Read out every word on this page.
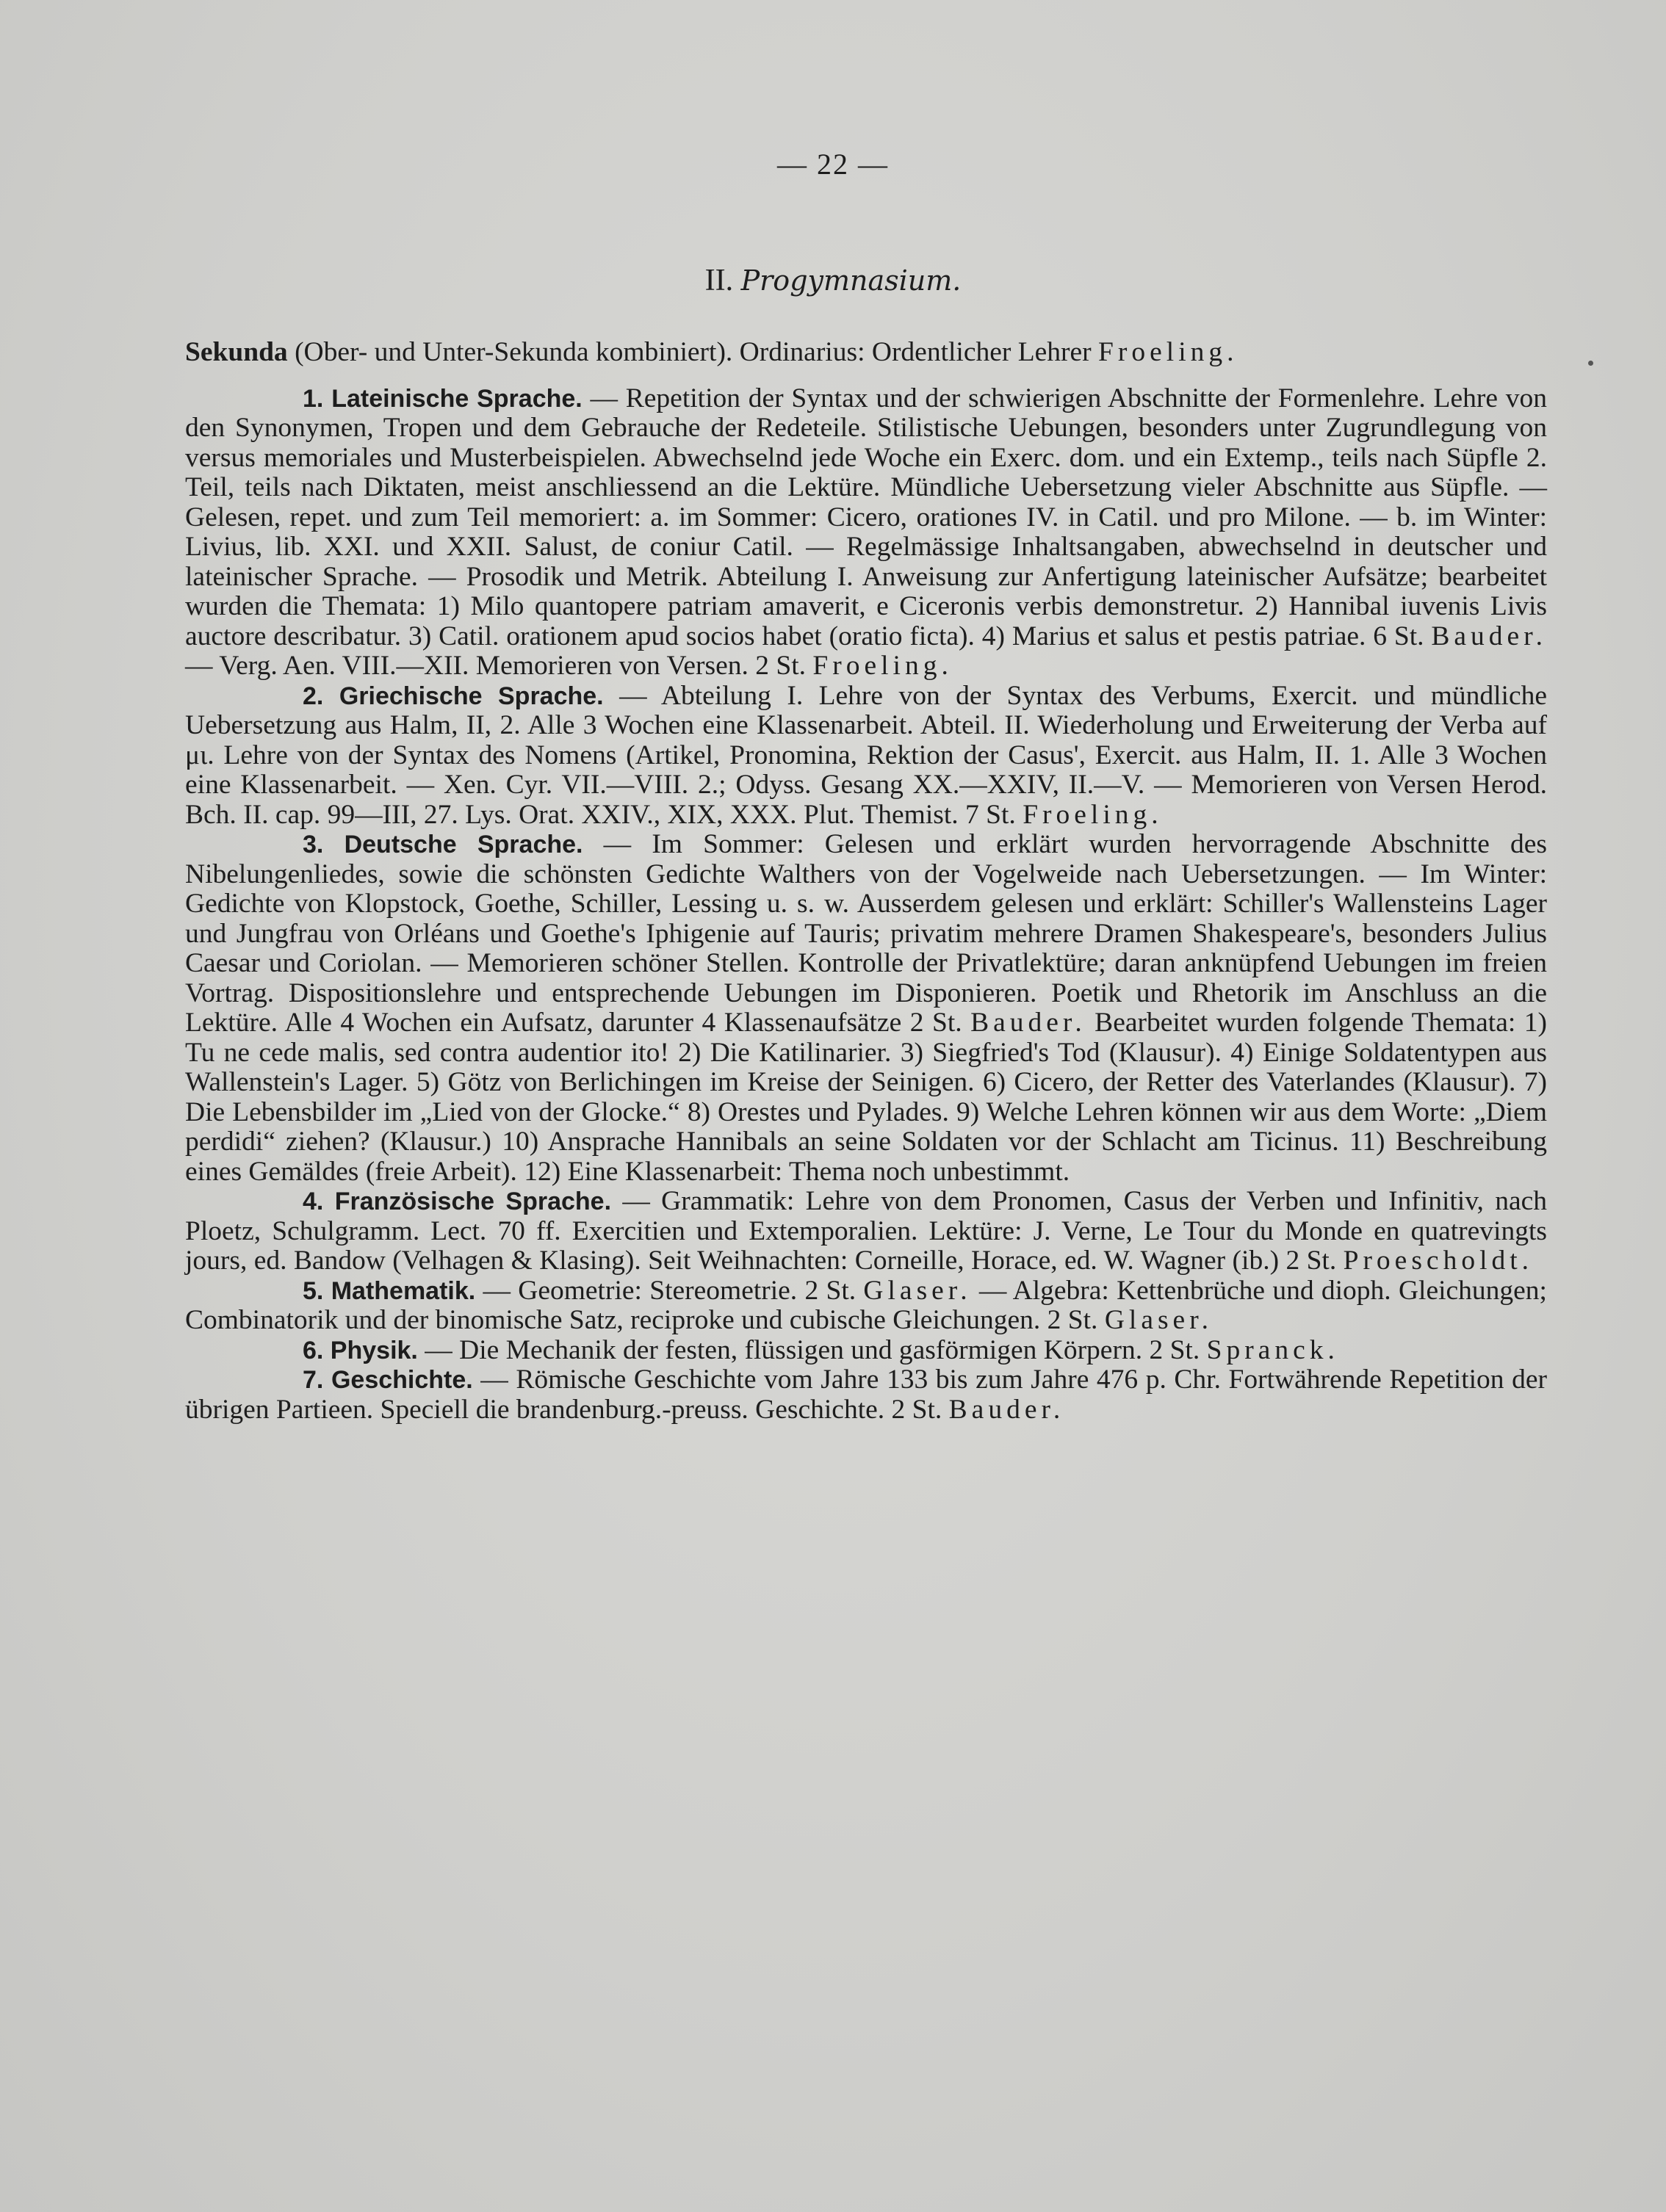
— 22 —
II. Progymnasium.

Sekunda (Ober- und Unter-Sekunda kombiniert). Ordinarius: Ordentlicher Lehrer Froeling.

1. Lateinische Sprache. — Repetition der Syntax und der schwierigen Abschnitte der Formenlehre. Lehre von den Synonymen, Tropen und dem Gebrauche der Redeteile. Stilistische Uebungen, besonders unter Zugrundlegung von versus memoriales und Musterbeispielen. Abwechselnd jede Woche ein Exerc. dom. und ein Extemp., teils nach Süpfle 2. Teil, teils nach Diktaten, meist anschliessend an die Lektüre. Mündliche Uebersetzung vieler Abschnitte aus Süpfle. — Gelesen, repet. und zum Teil memoriert: a. im Sommer: Cicero, orationes IV. in Catil. und pro Milone. — b. im Winter: Livius, lib. XXI. und XXII. Salust, de coniur Catil. — Regelmässige Inhaltsangaben, abwechselnd in deutscher und lateinischer Sprache. — Prosodik und Metrik. Abteilung I. Anweisung zur Anfertigung lateinischer Aufsätze; bearbeitet wurden die Themata: 1) Milo quantopere patriam amaverit, e Ciceronis verbis demonstretur. 2) Hannibal iuvenis Livis auctore describatur. 3) Catil. orationem apud socios habet (oratio ficta). 4) Marius et salus et pestis patriae. 6 St. Bauder. — Verg. Aen. VIII.—XII. Memorieren von Versen. 2 St. Froeling.

2. Griechische Sprache. — Abteilung I. Lehre von der Syntax des Verbums, Exercit. und mündliche Uebersetzung aus Halm, II, 2. Alle 3 Wochen eine Klassenarbeit. Abteil. II. Wiederholung und Erweiterung der Verba auf μι. Lehre von der Syntax des Nomens (Artikel, Pronomina, Rektion der Casus', Exercit. aus Halm, II. 1. Alle 3 Wochen eine Klassenarbeit. — Xen. Cyr. VII.—VIII. 2.; Odyss. Gesang XX.—XXIV, II.—V. — Memorieren von Versen Herod. Bch. II. cap. 99—III, 27. Lys. Orat. XXIV., XIX, XXX. Plut. Themist. 7 St. Froeling.

3. Deutsche Sprache. — Im Sommer: Gelesen und erklärt wurden hervorragende Abschnitte des Nibelungenliedes, sowie die schönsten Gedichte Walthers von der Vogelweide nach Uebersetzungen. — Im Winter: Gedichte von Klopstock, Goethe, Schiller, Lessing u. s. w. Ausserdem gelesen und erklärt: Schiller's Wallensteins Lager und Jungfrau von Orléans und Goethe's Iphigenie auf Tauris; privatim mehrere Dramen Shakespeare's, besonders Julius Caesar und Coriolan. — Memorieren schöner Stellen. Kontrolle der Privatlektüre; daran anknüpfend Uebungen im freien Vortrag. Dispositionslehre und entsprechende Uebungen im Disponieren. Poetik und Rhetorik im Anschluss an die Lektüre. Alle 4 Wochen ein Aufsatz, darunter 4 Klassenaufsätze 2 St. Bauder. Bearbeitet wurden folgende Themata: 1) Tu ne cede malis, sed contra audentior ito! 2) Die Katilinarier. 3) Siegfried's Tod (Klausur). 4) Einige Soldatentypen aus Wallenstein's Lager. 5) Götz von Berlichingen im Kreise der Seinigen. 6) Cicero, der Retter des Vaterlandes (Klausur). 7) Die Lebensbilder im „Lied von der Glocke.“ 8) Orestes und Pylades. 9) Welche Lehren können wir aus dem Worte: „Diem perdidi“ ziehen? (Klausur.) 10) Ansprache Hannibals an seine Soldaten vor der Schlacht am Ticinus. 11) Beschreibung eines Gemäldes (freie Arbeit). 12) Eine Klassenarbeit: Thema noch unbestimmt.

4. Französische Sprache. — Grammatik: Lehre von dem Pronomen, Casus der Verben und Infinitiv, nach Ploetz, Schulgramm. Lect. 70 ff. Exercitien und Extemporalien. Lektüre: J. Verne, Le Tour du Monde en quatrevingts jours, ed. Bandow (Velhagen & Klasing). Seit Weihnachten: Corneille, Horace, ed. W. Wagner (ib.) 2 St. Proescholdt.

5. Mathematik. — Geometrie: Stereometrie. 2 St. Glaser. — Algebra: Kettenbrüche und dioph. Gleichungen; Combinatorik und der binomische Satz, reciproke und cubische Gleichungen. 2 St. Glaser.

6. Physik. — Die Mechanik der festen, flüssigen und gasförmigen Körpern. 2 St. Spranck.

7. Geschichte. — Römische Geschichte vom Jahre 133 bis zum Jahre 476 p. Chr. Fortwährende Repetition der übrigen Partieen. Speciell die brandenburg.-preuss. Geschichte. 2 St. Bauder.
